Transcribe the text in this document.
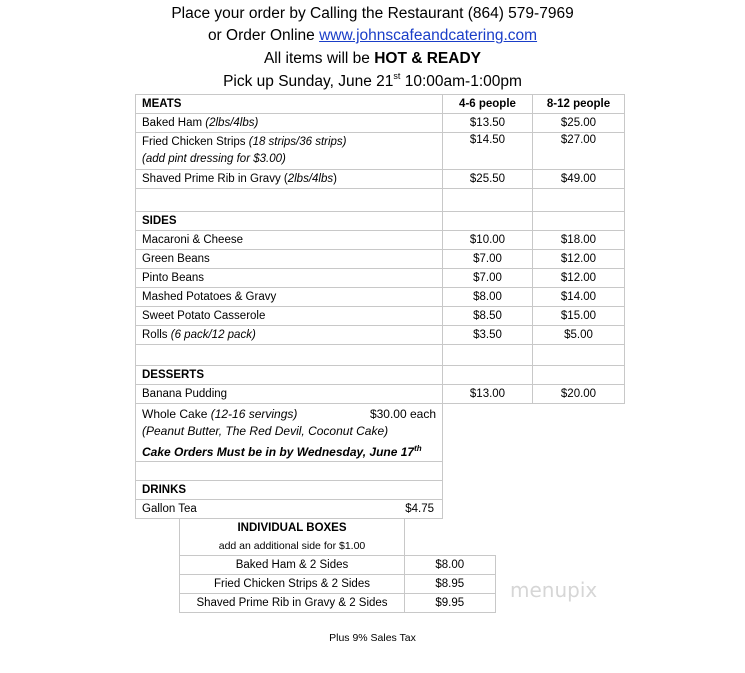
Place your order by Calling the Restaurant (864) 579-7969
or Order Online www.johnscafeandcatering.com
All items will be HOT & READY
Pick up Sunday, June 21st 10:00am-1:00pm
MEATS	4-6 people	8-12 people
Baked Ham (2lbs/4lbs)	$13.50	$25.00
Fried Chicken Strips (18 strips/36 strips)
(add pint dressing for $3.00)	$14.50	$27.00
Shaved Prime Rib in Gravy (2lbs/4lbs)	$25.50	$49.00

SIDES		
Macaroni & Cheese	$10.00	$18.00
Green Beans	$7.00	$12.00
Pinto Beans	$7.00	$12.00
Mashed Potatoes & Gravy	$8.00	$14.00
Sweet Potato Casserole	$8.50	$15.00
Rolls (6 pack/12 pack)	$3.50	$5.00

DESSERTS		
Banana Pudding	$13.00	$20.00
Whole Cake (12-16 servings) $30.00 each

(Peanut Butter, The Red Devil, Coconut Cake)
Cake Orders Must be in by Wednesday, June 17th		

DRINKS		
Gallon Tea $4.75		

INDIVIDUAL BOXES	
add an additional side for $1.00	
Baked Ham & 2 Sides	$8.00
Fried Chicken Strips & 2 Sides	$8.95
Shaved Prime Rib in Gravy & 2 Sides	$9.95
menupix
Plus 9% Sales Tax
